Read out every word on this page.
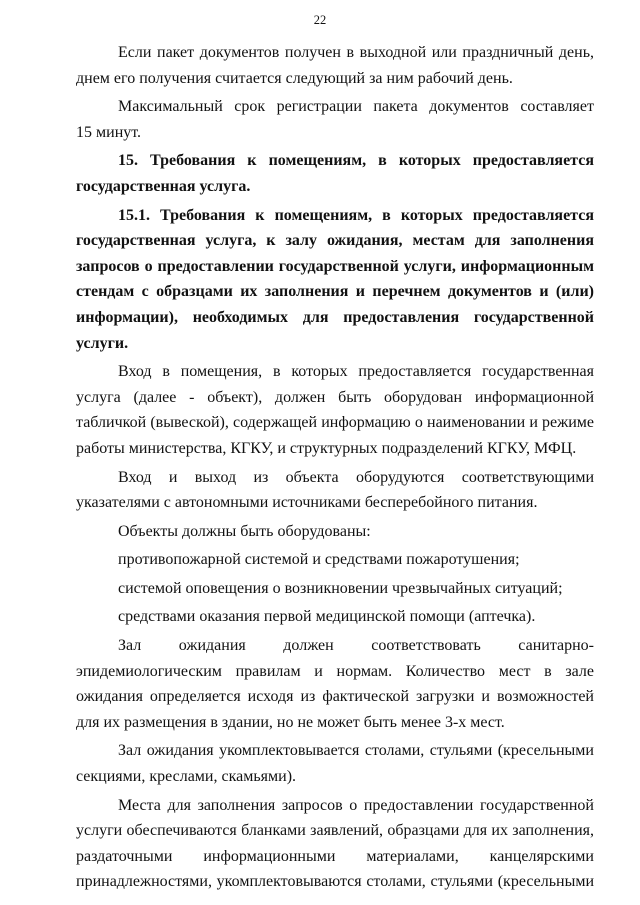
22

Если пакет документов получен в выходной или праздничный день, днем его получения считается следующий за ним рабочий день.

Максимальный срок регистрации пакета документов составляет

15 минут.

15. Требования к помещениям, в которых предоставляется государственная услуга.

15.1. Требования к помещениям, в которых предоставляется государственная услуга, к залу ожидания, местам для заполнения запросов о предоставлении государственной услуги, информационным стендам с образцами их заполнения и перечнем документов и (или) информации), необходимых для предоставления государственной услуги.

Вход в помещения, в которых предоставляется государственная услуга (далее - объект), должен быть оборудован информационной табличкой (вывеской), содержащей информацию о наименовании и режиме работы министерства, КГКУ, и структурных подразделений КГКУ, МФЦ.

Вход и выход из объекта оборудуются соответствующими указателями с автономными источниками бесперебойного питания.

Объекты должны быть оборудованы:

противопожарной системой и средствами пожаротушения;

системой оповещения о возникновении чрезвычайных ситуаций;

средствами оказания первой медицинской помощи (аптечка).

Зал ожидания должен соответствовать санитарно-эпидемиологическим правилам и нормам. Количество мест в зале ожидания определяется исходя из фактической загрузки и возможностей для их размещения в здании, но не может быть менее 3-х мест.

Зал ожидания укомплектовывается столами, стульями (кресельными секциями, креслами, скамьями).

Места для заполнения запросов о предоставлении государственной услуги обеспечиваются бланками заявлений, образцами для их заполнения, раздаточными информационными материалами, канцелярскими принадлежностями, укомплектовываются столами, стульями (кресельными
